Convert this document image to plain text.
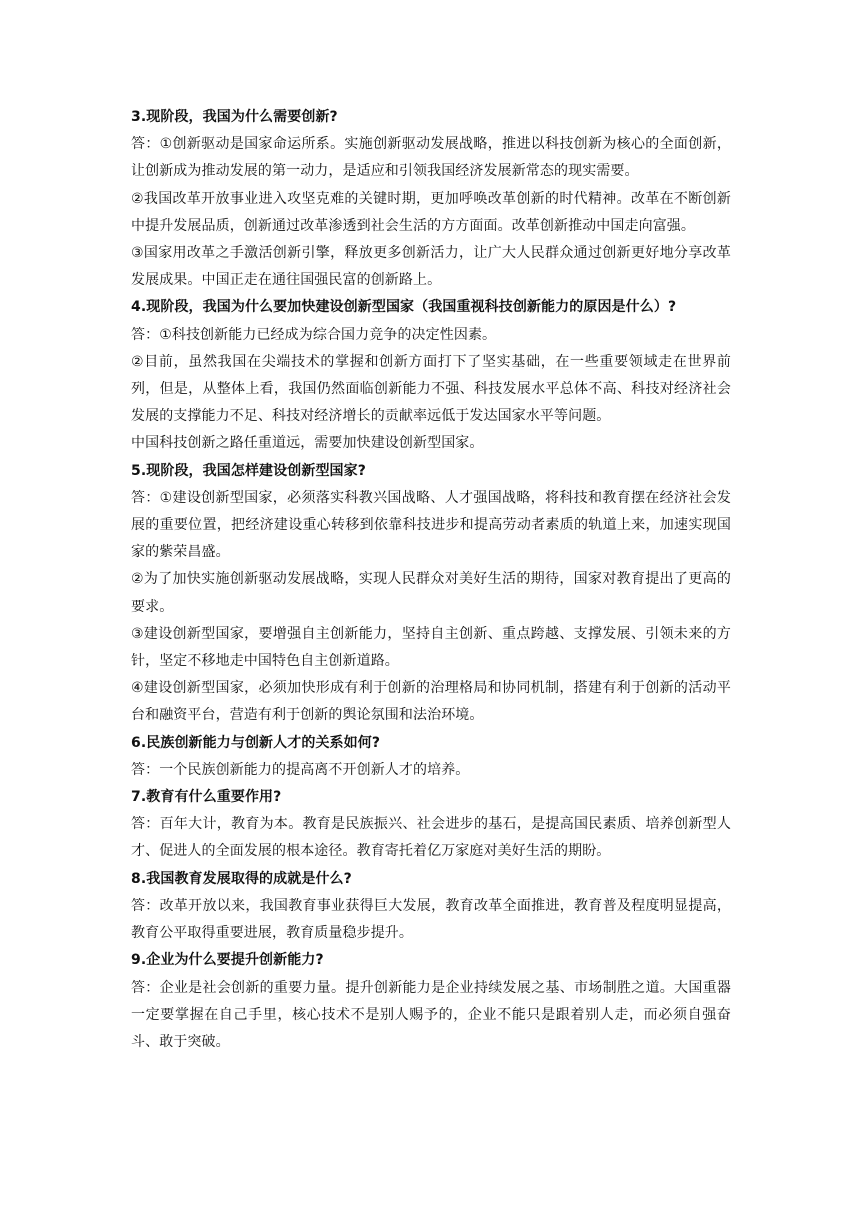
3.现阶段，我国为什么需要创新?

答：①创新驱动是国家命运所系。实施创新驱动发展战略，推进以科技创新为核心的全面创新，让创新成为推动发展的第一动力，是适应和引领我国经济发展新常态的现实需要。

②我国改革开放事业进入攻坚克难的关键时期，更加呼唤改革创新的时代精神。改革在不断创新中提升发展品质，创新通过改革渗透到社会生活的方方面面。改革创新推动中国走向富强。

③国家用改革之手激活创新引擎，释放更多创新活力，让广大人民群众通过创新更好地分享改革发展成果。中国正走在通往国强民富的创新路上。

4.现阶段，我国为什么要加快建设创新型国家（我国重视科技创新能力的原因是什么）?

答：①科技创新能力已经成为综合国力竞争的决定性因素。

②目前，虽然我国在尖端技术的掌握和创新方面打下了坚实基础，在一些重要领域走在世界前列，但是，从整体上看，我国仍然面临创新能力不强、科技发展水平总体不高、科技对经济社会发展的支撑能力不足、科技对经济增长的贡献率远低于发达国家水平等问题。

中国科技创新之路任重道远，需要加快建设创新型国家。

5.现阶段，我国怎样建设创新型国家?

答：①建设创新型国家，必须落实科教兴国战略、人才强国战略，将科技和教育摆在经济社会发展的重要位置，把经济建设重心转移到依靠科技进步和提高劳动者素质的轨道上来，加速实现国家的紫荣昌盛。

②为了加快实施创新驱动发展战略，实现人民群众对美好生活的期待，国家对教育提出了更高的要求。

③建设创新型国家，要增强自主创新能力，坚持自主创新、重点跨越、支撑发展、引领未来的方针，坚定不移地走中国特色自主创新道路。

④建设创新型国家，必须加快形成有利于创新的治理格局和协同机制，搭建有利于创新的活动平台和融资平台，营造有利于创新的舆论氛围和法治环境。

6.民族创新能力与创新人才的关系如何?

答：一个民族创新能力的提高离不开创新人才的培养。

7.教育有什么重要作用?

答：百年大计，教育为本。教育是民族振兴、社会进步的基石，是提高国民素质、培养创新型人才、促进人的全面发展的根本途径。教育寄托着亿万家庭对美好生活的期盼。

8.我国教育发展取得的成就是什么?

答：改革开放以来，我国教育事业获得巨大发展，教育改革全面推进，教育普及程度明显提高，教育公平取得重要进展，教育质量稳步提升。

9.企业为什么要提升创新能力?

答：企业是社会创新的重要力量。提升创新能力是企业持续发展之基、市场制胜之道。大国重器一定要掌握在自己手里，核心技术不是别人赐予的，企业不能只是跟着别人走，而必须自强奋斗、敢于突破。
